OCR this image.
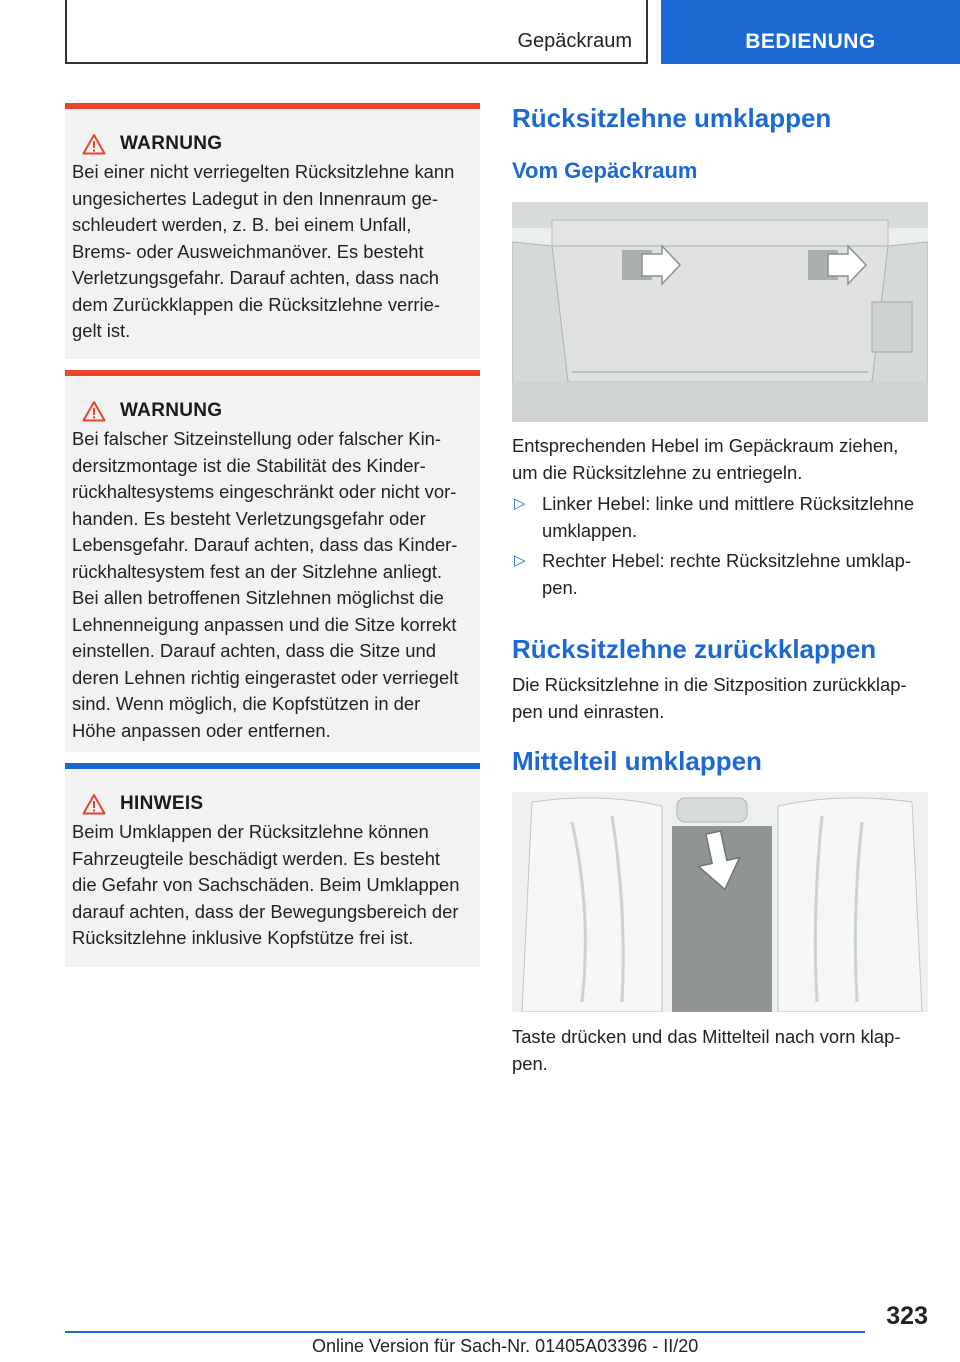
Gepäckraum	BEDIENUNG
WARNUNG
Bei einer nicht verriegelten Rücksitzlehne kann
ungesichertes Ladegut in den Innenraum ge-
schleudert werden, z. B. bei einem Unfall,
Brems- oder Ausweichmanöver. Es besteht
Verletzungsgefahr. Darauf achten, dass nach
dem Zurückklappen die Rücksitzlehne verrie-
gelt ist.
WARNUNG
Bei falscher Sitzeinstellung oder falscher Kin-
dersitzmontage ist die Stabilität des Kinder-
rückhaltesystems eingeschränkt oder nicht vor-
handen. Es besteht Verletzungsgefahr oder
Lebensgefahr. Darauf achten, dass das Kinder-
rückhaltesystem fest an der Sitzlehne anliegt.
Bei allen betroffenen Sitzlehnen möglichst die
Lehnenneigung anpassen und die Sitze korrekt
einstellen. Darauf achten, dass die Sitze und
deren Lehnen richtig eingerastet oder verriegelt
sind. Wenn möglich, die Kopfstützen in der
Höhe anpassen oder entfernen.
HINWEIS
Beim Umklappen der Rücksitzlehne können
Fahrzeugteile beschädigt werden. Es besteht
die Gefahr von Sachschäden. Beim Umklappen
darauf achten, dass der Bewegungsbereich der
Rücksitzlehne inklusive Kopfstütze frei ist.
Rücksitzlehne umklappen
Vom Gepäckraum
Entsprechenden Hebel im Gepäckraum ziehen,
um die Rücksitzlehne zu entriegeln.
▷ Linker Hebel: linke und mittlere Rücksitzlehne
umklappen.
▷ Rechter Hebel: rechte Rücksitzlehne umklap-
pen.
Rücksitzlehne zurückklappen
Die Rücksitzlehne in die Sitzposition zurückklap-
pen und einrasten.
Mittelteil umklappen
Taste drücken und das Mittelteil nach vorn klap-
pen.
323
Online Version für Sach-Nr. 01405A03396 - II/20
